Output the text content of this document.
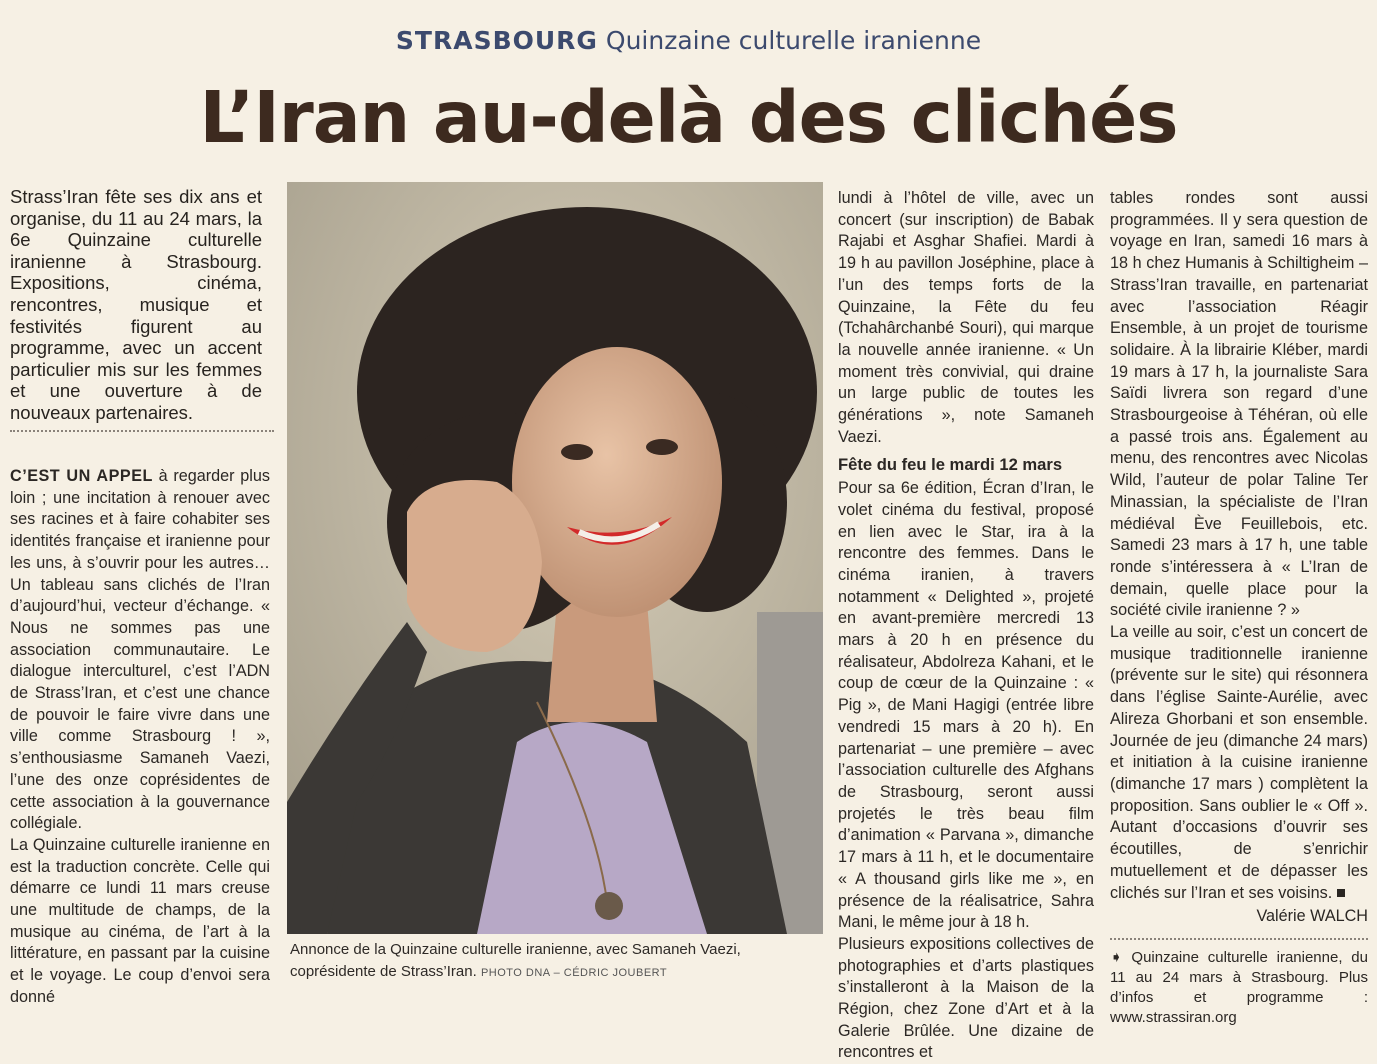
STRASBOURG Quinzaine culturelle iranienne
L’Iran au-delà des clichés

Strass’Iran fête ses dix ans et organise, du 11 au 24 mars, la 6e Quinzaine culturelle iranienne à Strasbourg. Expositions, cinéma, rencontres, musique et festivités figurent au programme, avec un accent particulier mis sur les femmes et une ouverture à de nouveaux partenaires.

C’EST UN APPEL à regarder plus loin ; une incitation à renouer avec ses racines et à faire cohabiter ses identités française et iranienne pour les uns, à s’ouvrir pour les autres… Un tableau sans clichés de l’Iran d’aujourd’hui, vecteur d’échange. « Nous ne sommes pas une association communautaire. Le dialogue interculturel, c’est l’ADN de Strass’Iran, et c’est une chance de pouvoir le faire vivre dans une ville comme Strasbourg ! », s’enthousiasme Samaneh Vaezi, l’une des onze coprésidentes de cette association à la gouvernance collégiale.

La Quinzaine culturelle iranienne en est la traduction concrète. Celle qui démarre ce lundi 11 mars creuse une multitude de champs, de la musique au cinéma, de l’art à la littérature, en passant par la cuisine et le voyage. Le coup d’envoi sera donné

Annonce de la Quinzaine culturelle iranienne, avec Samaneh Vaezi, coprésidente de Strass’Iran. PHOTO DNA – CÉDRIC JOUBERT

lundi à l’hôtel de ville, avec un concert (sur inscription) de Babak Rajabi et Asghar Shafiei. Mardi à 19 h au pavillon Joséphine, place à l’un des temps forts de la Quinzaine, la Fête du feu (Tchahârchanbé Souri), qui marque la nouvelle année iranienne. « Un moment très convivial, qui draine un large public de toutes les générations », note Samaneh Vaezi.

Fête du feu le mardi 12 mars

Pour sa 6e édition, Écran d’Iran, le volet cinéma du festival, proposé en lien avec le Star, ira à la rencontre des femmes. Dans le cinéma iranien, à travers notamment « Delighted », projeté en avant-première mercredi 13 mars à 20 h en présence du réalisateur, Abdolreza Kahani, et le coup de cœur de la Quinzaine : « Pig », de Mani Hagigi (entrée libre vendredi 15 mars à 20 h). En partenariat – une première – avec l’association culturelle des Afghans de Strasbourg, seront aussi projetés le très beau film d’animation « Parvana », dimanche 17 mars à 11 h, et le documentaire « A thousand girls like me », en présence de la réalisatrice, Sahra Mani, le même jour à 18 h.

Plusieurs expositions collectives de photographies et d’arts plastiques s’installeront à la Maison de la Région, chez Zone d’Art et à la Galerie Brûlée. Une dizaine de rencontres et

tables rondes sont aussi programmées. Il y sera question de voyage en Iran, samedi 16 mars à 18 h chez Humanis à Schiltigheim – Strass’Iran travaille, en partenariat avec l’association Réagir Ensemble, à un projet de tourisme solidaire. À la librairie Kléber, mardi 19 mars à 17 h, la journaliste Sara Saïdi livrera son regard d’une Strasbourgeoise à Téhéran, où elle a passé trois ans. Également au menu, des rencontres avec Nicolas Wild, l’auteur de polar Taline Ter Minassian, la spécialiste de l’Iran médiéval Ève Feuillebois, etc. Samedi 23 mars à 17 h, une table ronde s’intéressera à « L’Iran de demain, quelle place pour la société civile iranienne ? »

La veille au soir, c’est un concert de musique traditionnelle iranienne (prévente sur le site) qui résonnera dans l’église Sainte-Aurélie, avec Alireza Ghorbani et son ensemble. Journée de jeu (dimanche 24 mars) et initiation à la cuisine iranienne (dimanche 17 mars ) complètent la proposition. Sans oublier le « Off ». Autant d’occasions d’ouvrir ses écoutilles, de s’enrichir mutuellement et de dépasser les clichés sur l’Iran et ses voisins.

Valérie WALCH

➧ Quinzaine culturelle iranienne, du 11 au 24 mars à Strasbourg. Plus d’infos et programme : www.strassiran.org
